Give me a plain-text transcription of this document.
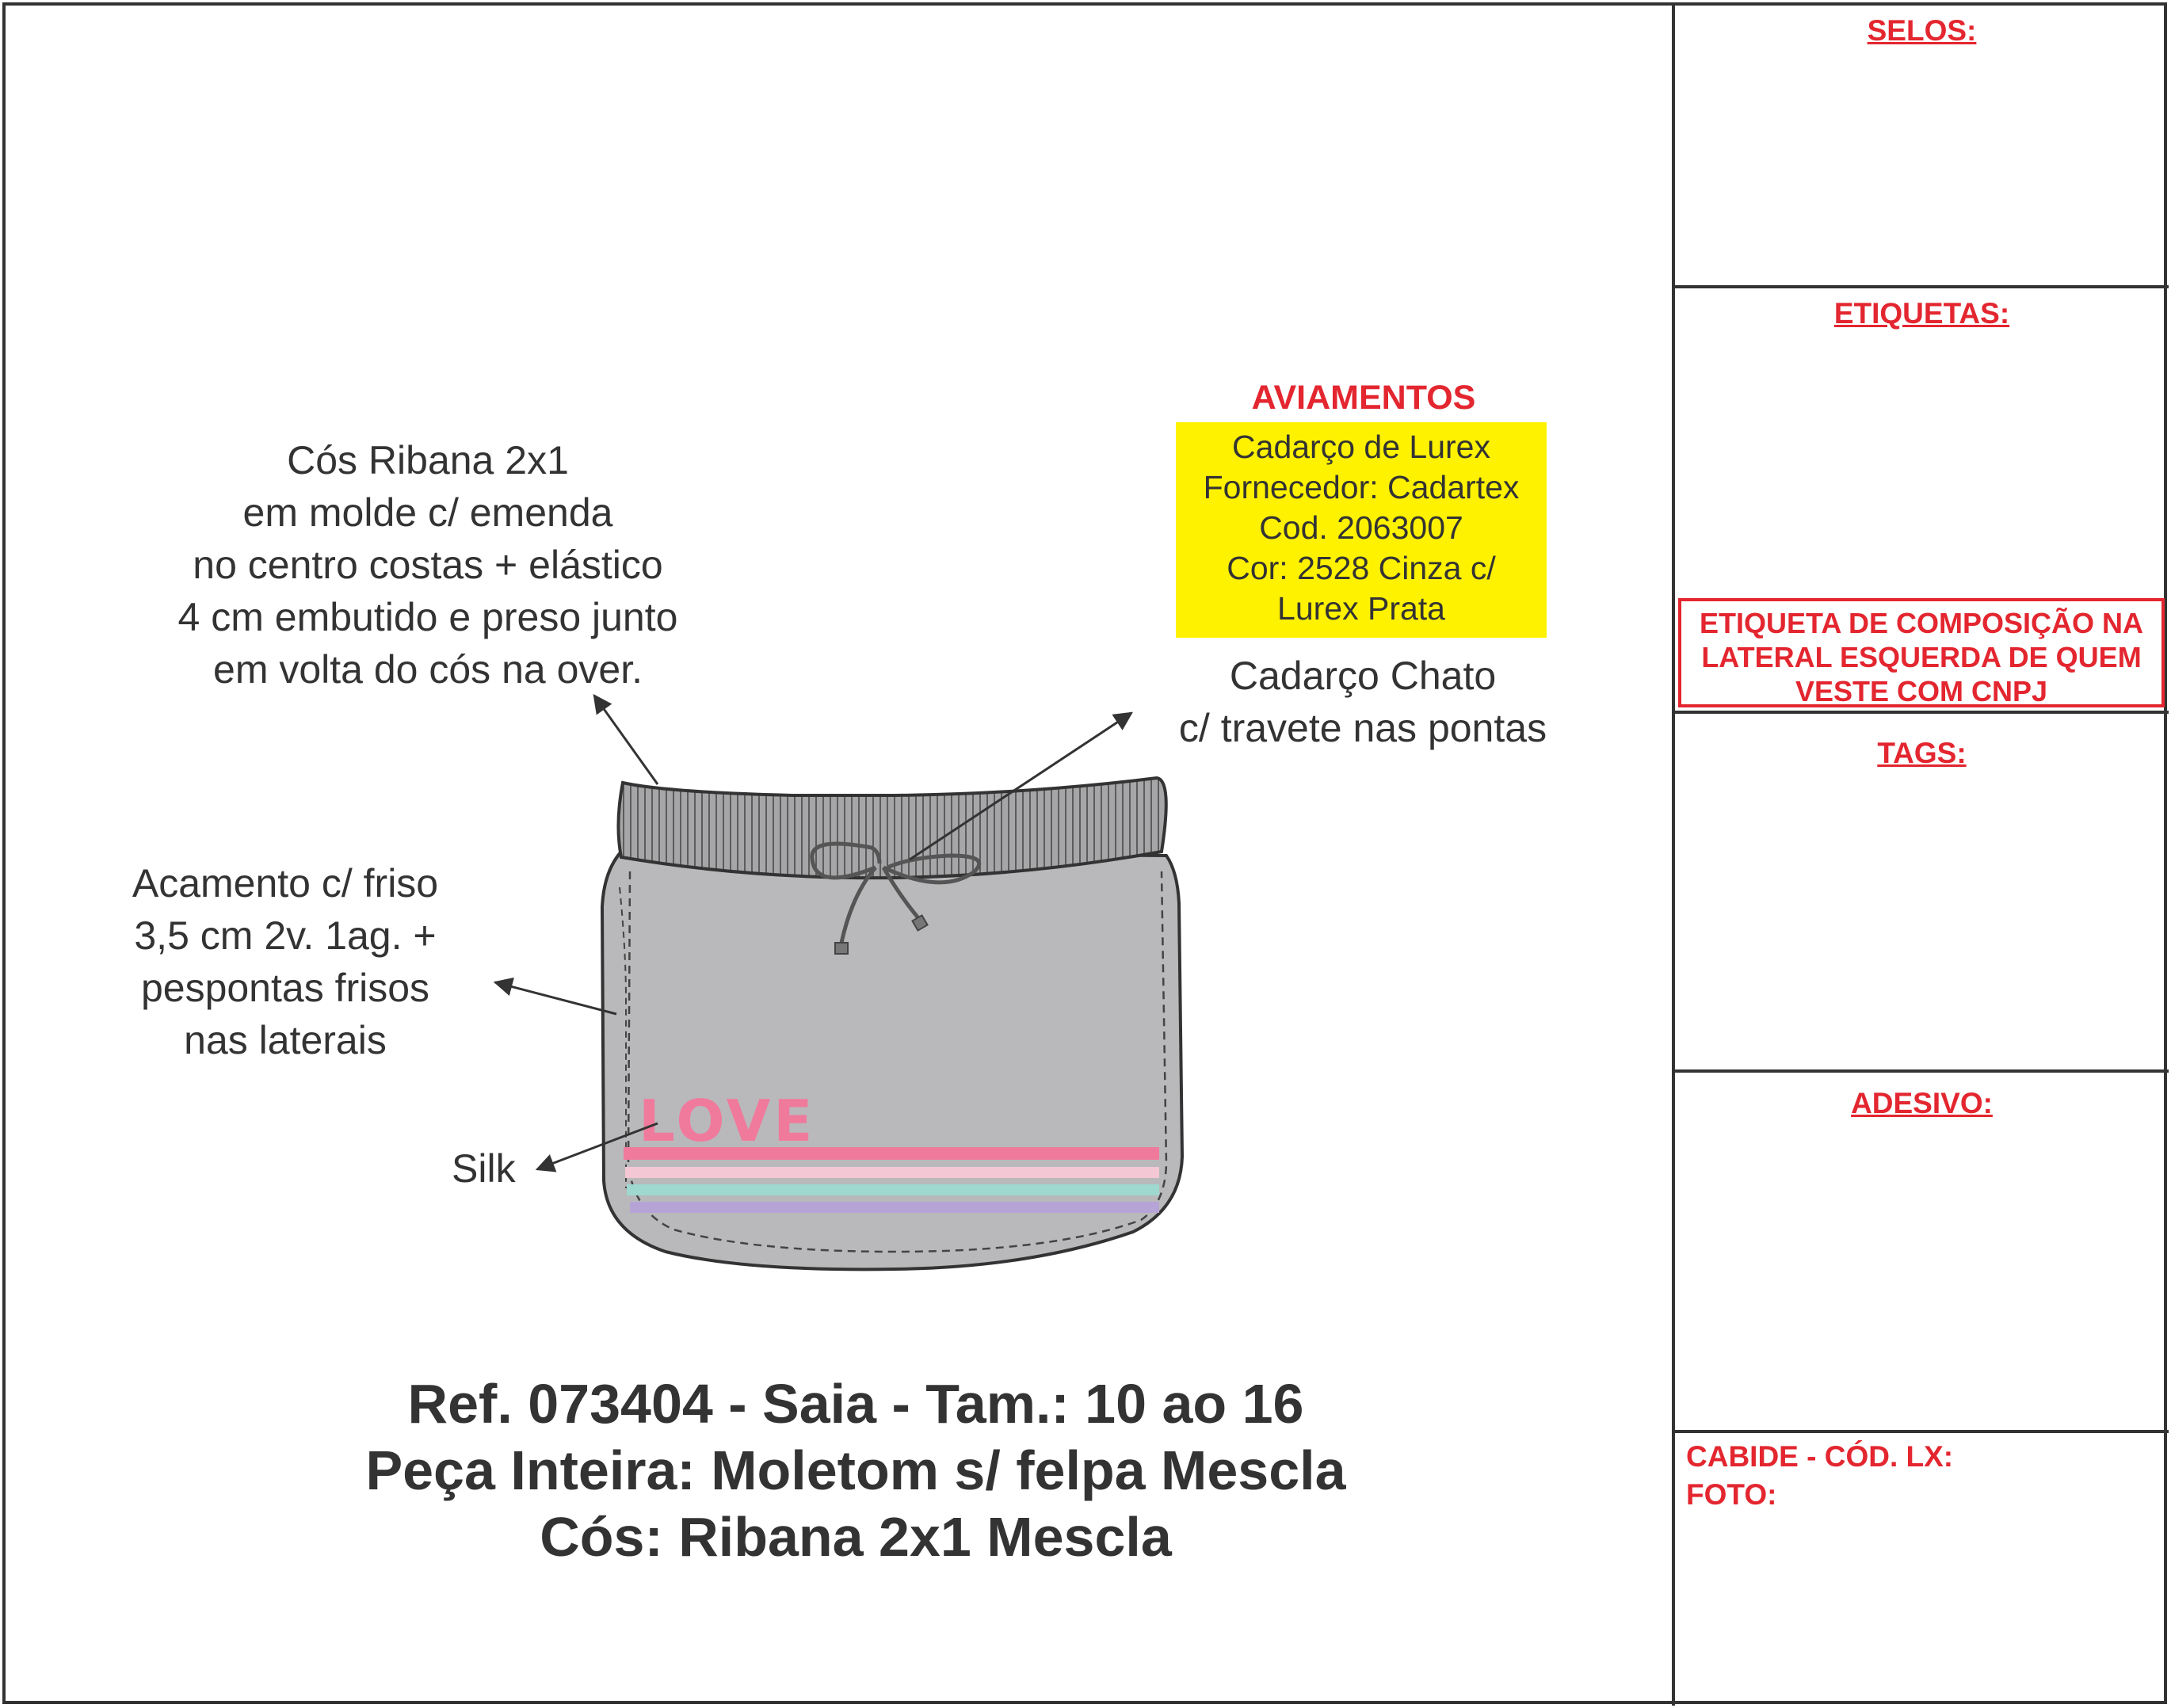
SELOS:
ETIQUETAS:
ETIQUETA DE COMPOSIÇÃO NA
LATERAL ESQUERDA DE QUEM
VESTE COM CNPJ
TAGS:
ADESIVO:
CABIDE - CÓD. LX:
FOTO:
Cós Ribana 2x1
em molde c/ emenda
no centro costas + elástico
4 cm embutido e preso junto
em volta do cós na over.
Acamento c/ friso
3,5 cm 2v. 1ag. +
pespontas frisos
nas laterais
Silk
Cadarço Chato
c/ travete nas pontas
AVIAMENTOS
Cadarço de Lurex
Fornecedor: Cadartex
Cod. 2063007
Cor: 2528 Cinza c/
Lurex Prata
LOVE
Ref. 073404 - Saia - Tam.: 10 ao 16
Peça Inteira: Moletom s/ felpa Mescla
Cós: Ribana 2x1 Mescla
